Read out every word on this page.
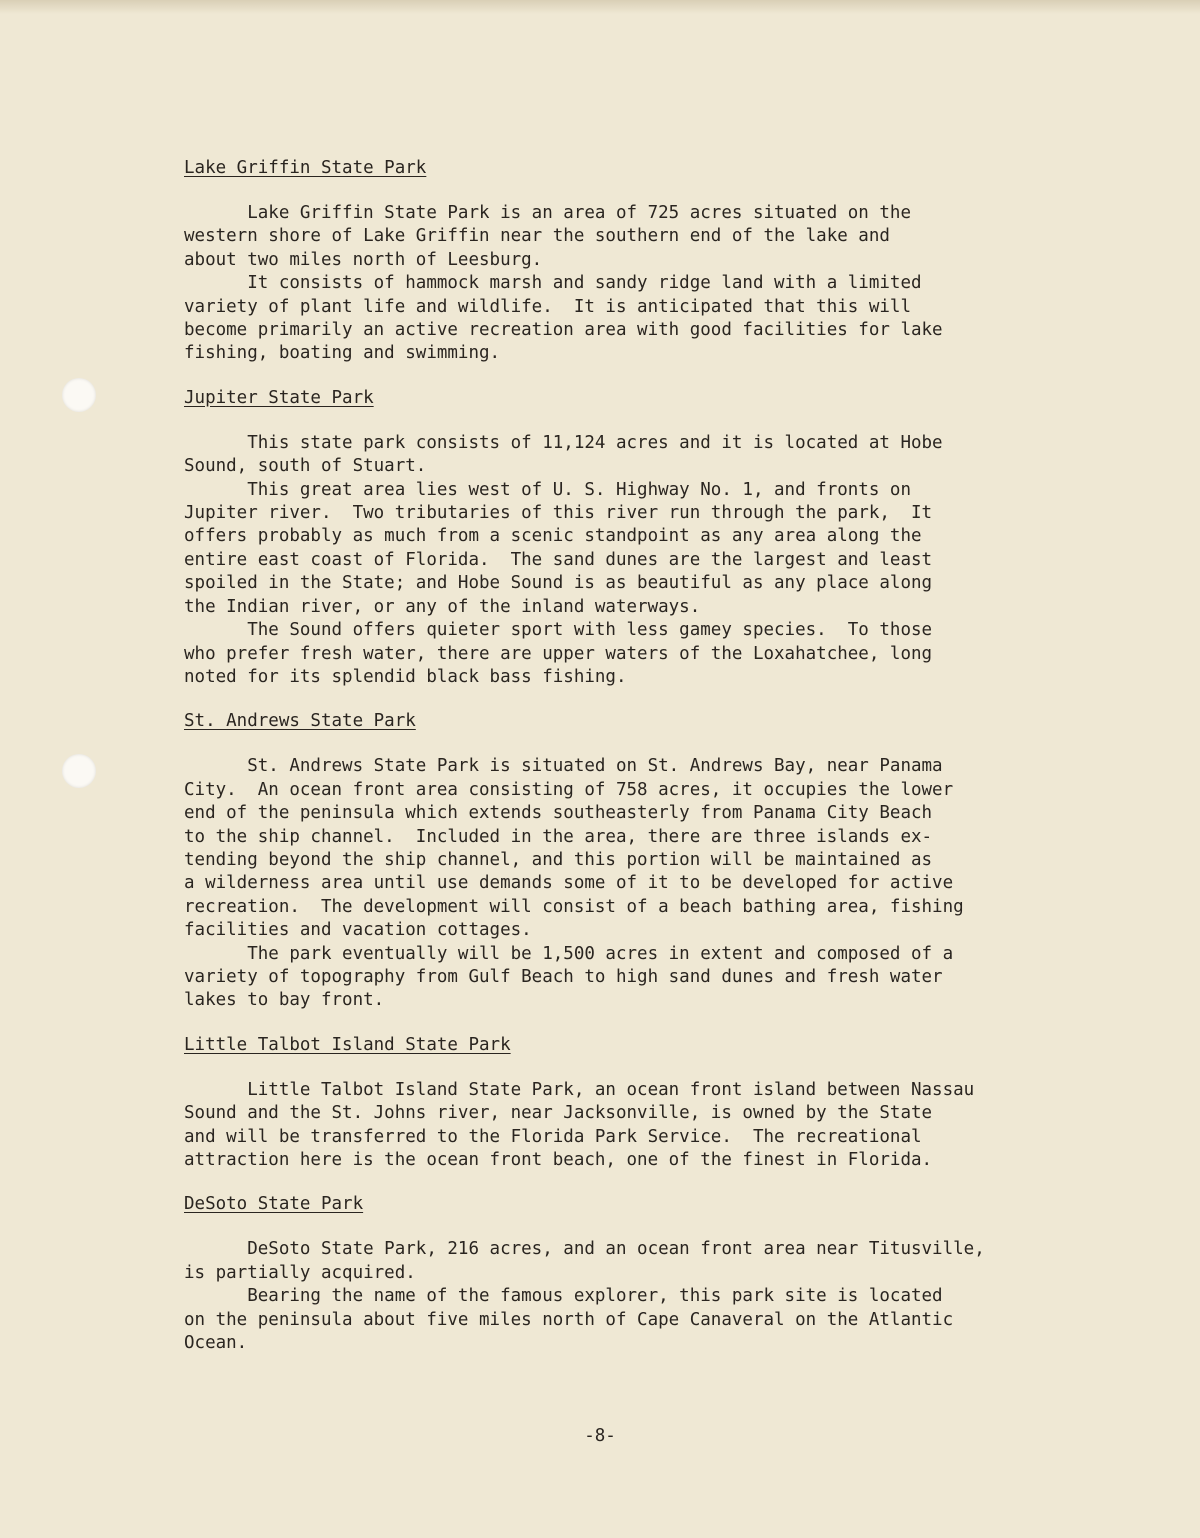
Lake Griffin State Park
Lake Griffin State Park is an area of 725 acres situated on the
western shore of Lake Griffin near the southern end of the lake and
about two miles north of Leesburg.
It consists of hammock marsh and sandy ridge land with a limited
variety of plant life and wildlife.  It is anticipated that this will
become primarily an active recreation area with good facilities for lake
fishing, boating and swimming.
Jupiter State Park
This state park consists of 11,124 acres and it is located at Hobe
Sound, south of Stuart.
This great area lies west of U. S. Highway No. 1, and fronts on
Jupiter river.  Two tributaries of this river run through the park,  It
offers probably as much from a scenic standpoint as any area along the
entire east coast of Florida.  The sand dunes are the largest and least
spoiled in the State; and Hobe Sound is as beautiful as any place along
the Indian river, or any of the inland waterways.
The Sound offers quieter sport with less gamey species.  To those
who prefer fresh water, there are upper waters of the Loxahatchee, long
noted for its splendid black bass fishing.
St. Andrews State Park
St. Andrews State Park is situated on St. Andrews Bay, near Panama
City.  An ocean front area consisting of 758 acres, it occupies the lower
end of the peninsula which extends southeasterly from Panama City Beach
to the ship channel.  Included in the area, there are three islands ex-
tending beyond the ship channel, and this portion will be maintained as
a wilderness area until use demands some of it to be developed for active
recreation.  The development will consist of a beach bathing area, fishing
facilities and vacation cottages.
The park eventually will be 1,500 acres in extent and composed of a
variety of topography from Gulf Beach to high sand dunes and fresh water
lakes to bay front.
Little Talbot Island State Park
Little Talbot Island State Park, an ocean front island between Nassau
Sound and the St. Johns river, near Jacksonville, is owned by the State
and will be transferred to the Florida Park Service.  The recreational
attraction here is the ocean front beach, one of the finest in Florida.
DeSoto State Park
DeSoto State Park, 216 acres, and an ocean front area near Titusville,
is partially acquired.
Bearing the name of the famous explorer, this park site is located
on the peninsula about five miles north of Cape Canaveral on the Atlantic
Ocean.
-8-
